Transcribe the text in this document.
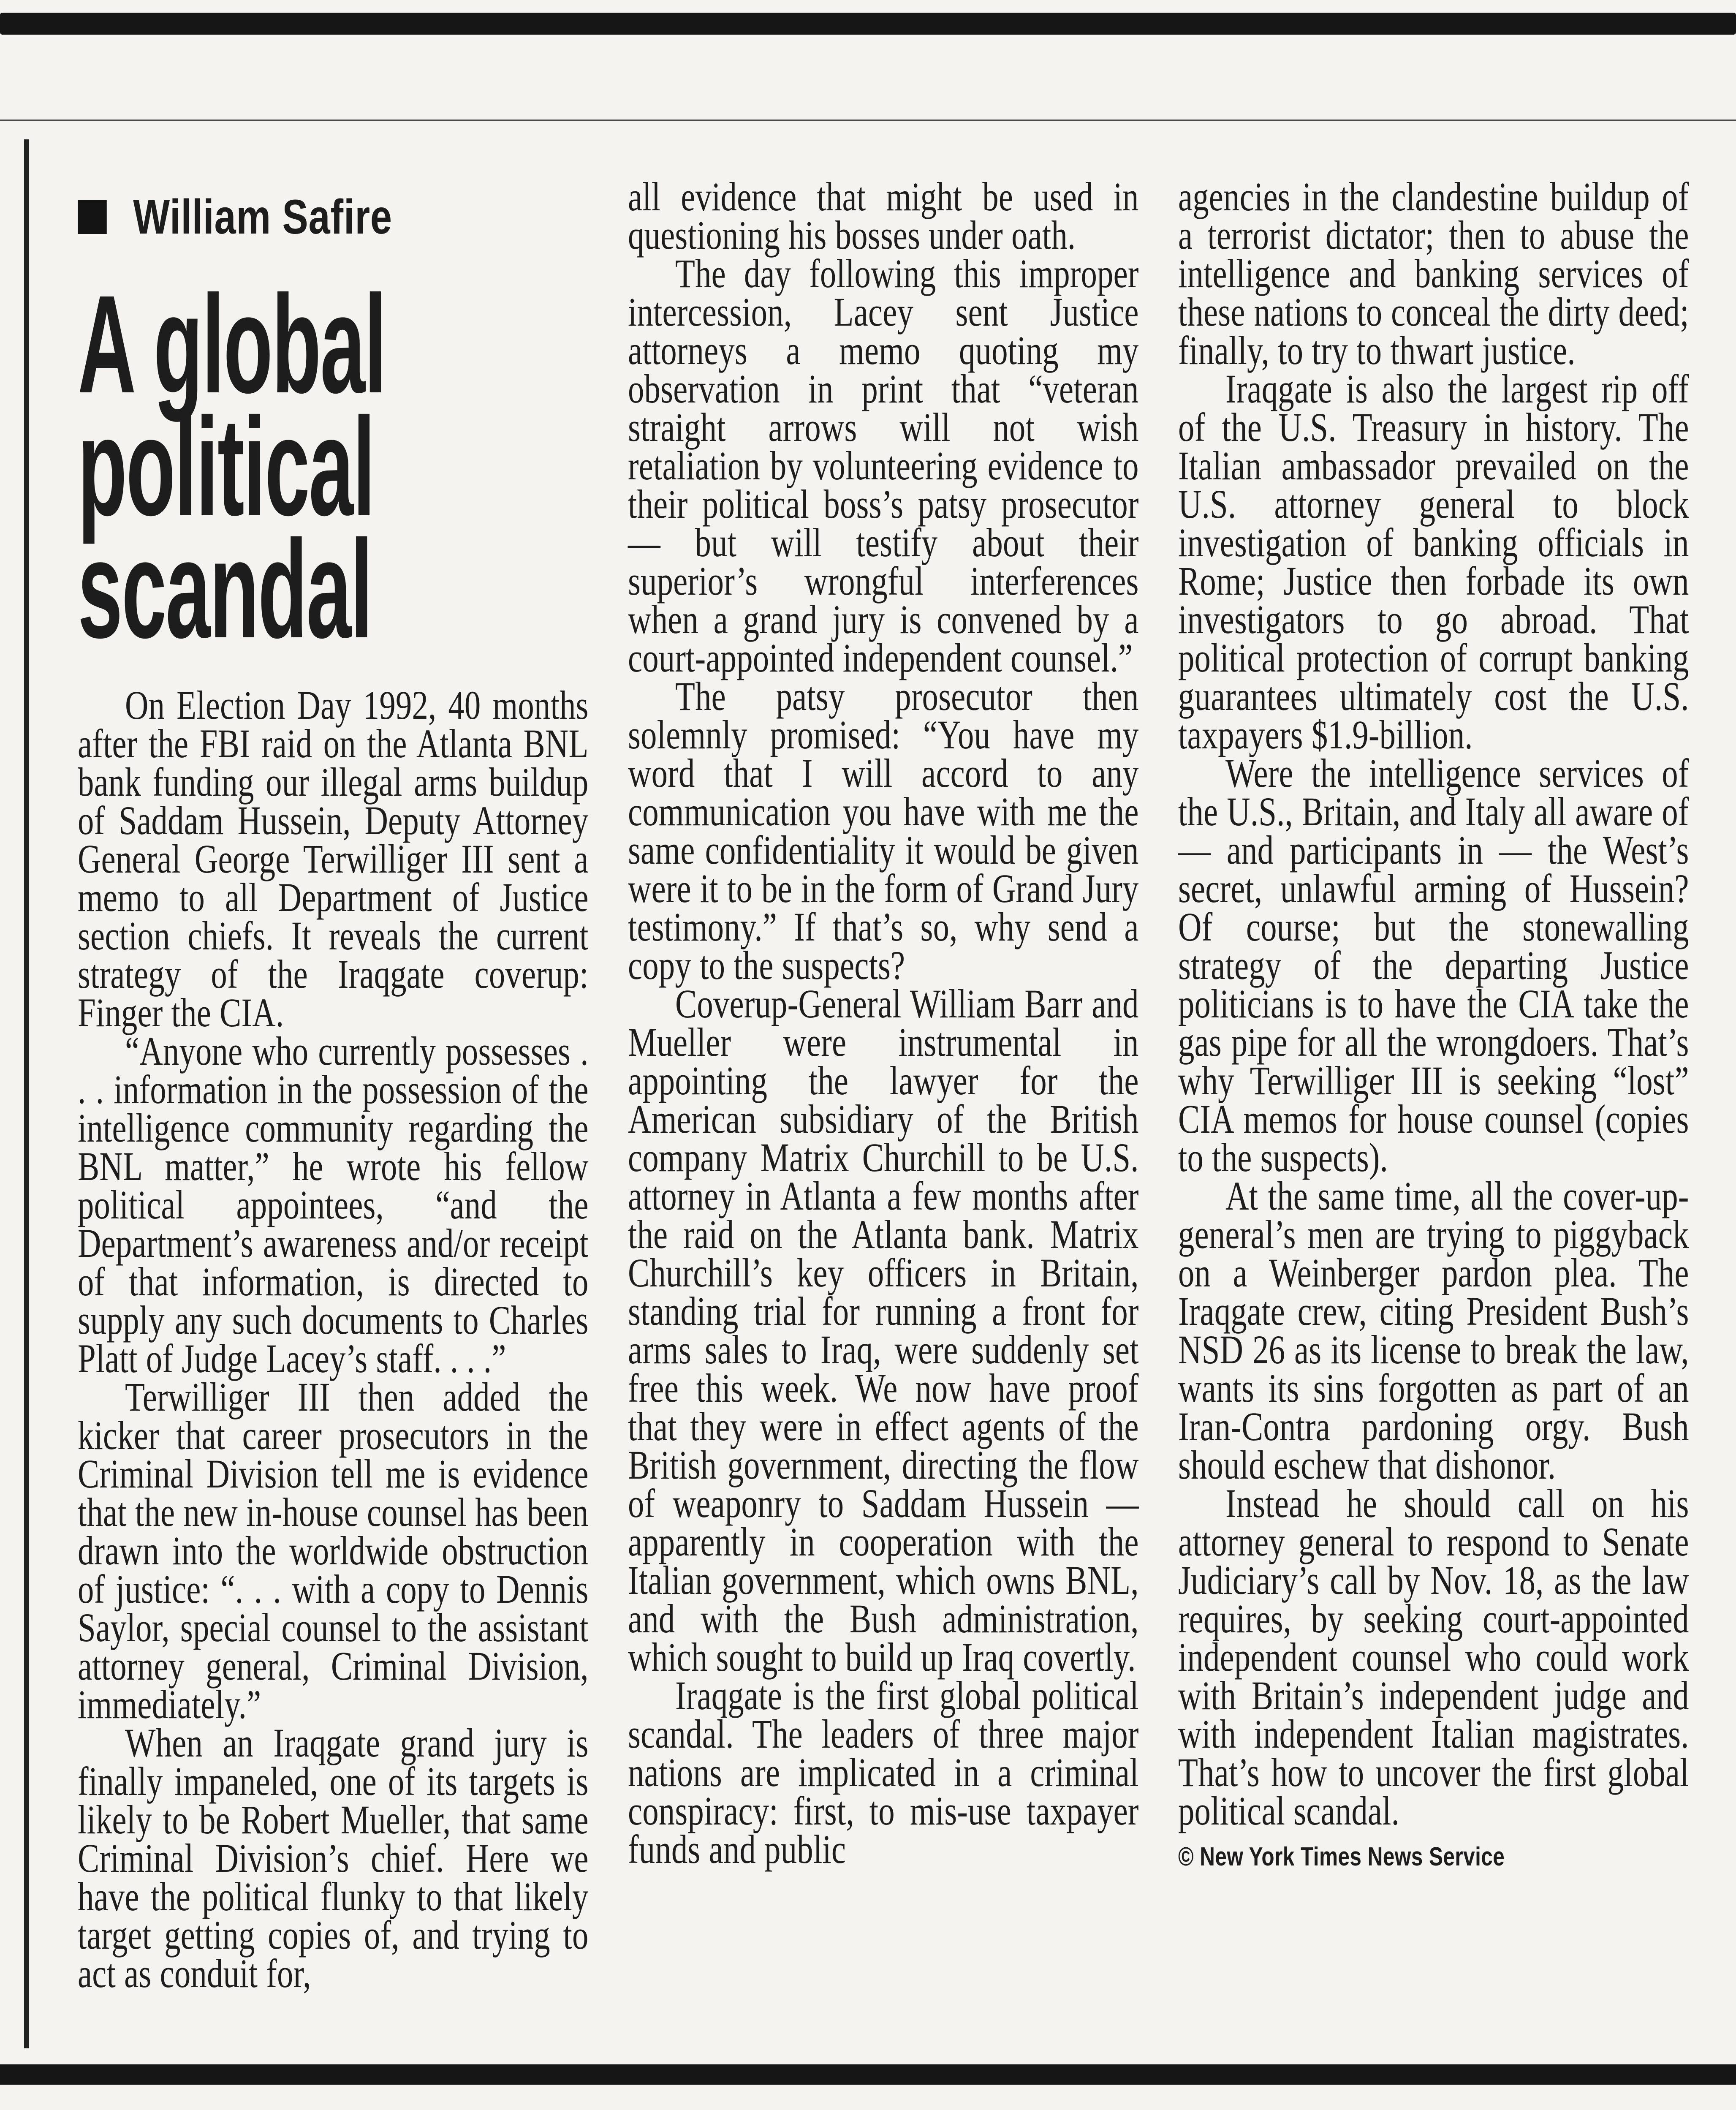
William Safire
A global
political
scandal

On Election Day 1992, 40 months after the FBI raid on the Atlanta BNL bank funding our illegal arms buildup of Saddam Hussein, Deputy Attorney General George Terwilliger III sent a memo to all Department of Justice section chiefs. It reveals the current strategy of the Iraqgate coverup: Finger the CIA.

“Anyone who currently possesses . . . information in the possession of the intelligence community regarding the BNL matter,” he wrote his fellow political appointees, “and the Department’s awareness and/or receipt of that information, is directed to supply any such documents to Charles Platt of Judge Lacey’s staff. . . .”

Terwilliger III then added the kicker that career prosecutors in the Criminal Division tell me is evidence that the new in-house counsel has been drawn into the worldwide obstruction of justice: “. . . with a copy to Dennis Saylor, special counsel to the assistant attorney general, Criminal Division, immediately.”

When an Iraqgate grand jury is finally impaneled, one of its targets is likely to be Robert Mueller, that same Criminal Division’s chief. Here we have the political flunky to that likely target getting copies of, and trying to act as conduit for,

all evidence that might be used in questioning his bosses under oath.

The day following this improper intercession, Lacey sent Justice attorneys a memo quoting my observation in print that “veteran straight arrows will not wish retaliation by volunteering evidence to their political boss’s patsy prosecutor — but will testify about their superior’s wrongful interferences when a grand jury is convened by a court-appointed independent counsel.”

The patsy prosecutor then solemnly promised: “You have my word that I will accord to any communication you have with me the same confidentiality it would be given were it to be in the form of Grand Jury testimony.” If that’s so, why send a copy to the suspects?

Coverup-General William Barr and Mueller were instrumental in appointing the lawyer for the American subsidiary of the British company Matrix Churchill to be U.S. attorney in Atlanta a few months after the raid on the Atlanta bank. Matrix Churchill’s key officers in Britain, standing trial for running a front for arms sales to Iraq, were suddenly set free this week. We now have proof that they were in effect agents of the British government, directing the flow of weaponry to Saddam Hussein — apparently in cooperation with the Italian government, which owns BNL, and with the Bush administration, which sought to build up Iraq covertly.

Iraqgate is the first global political scandal. The leaders of three major nations are implicated in a criminal conspiracy: first, to mis-use taxpayer funds and public

agencies in the clandestine buildup of a terrorist dictator; then to abuse the intelligence and banking services of these nations to conceal the dirty deed; finally, to try to thwart justice.

Iraqgate is also the largest rip off of the U.S. Treasury in history. The Italian ambassador prevailed on the U.S. attorney general to block investigation of banking officials in Rome; Justice then forbade its own investigators to go abroad. That political protection of corrupt banking guarantees ultimately cost the U.S. taxpayers $1.9-billion.

Were the intelligence services of the U.S., Britain, and Italy all aware of — and participants in — the West’s secret, unlawful arming of Hussein? Of course; but the stonewalling strategy of the departing Justice politicians is to have the CIA take the gas pipe for all the wrongdoers. That’s why Terwilliger III is seeking “lost” CIA memos for house counsel (copies to the suspects).

At the same time, all the cover-up-general’s men are trying to piggyback on a Weinberger pardon plea. The Iraqgate crew, citing President Bush’s NSD 26 as its license to break the law, wants its sins forgotten as part of an Iran-Contra pardoning orgy. Bush should eschew that dishonor.

Instead he should call on his attorney general to respond to Senate Judiciary’s call by Nov. 18, as the law requires, by seeking court-appointed independent counsel who could work with Britain’s independent judge and with independent Italian magistrates. That’s how to uncover the first global political scandal.

© New York Times News Service
